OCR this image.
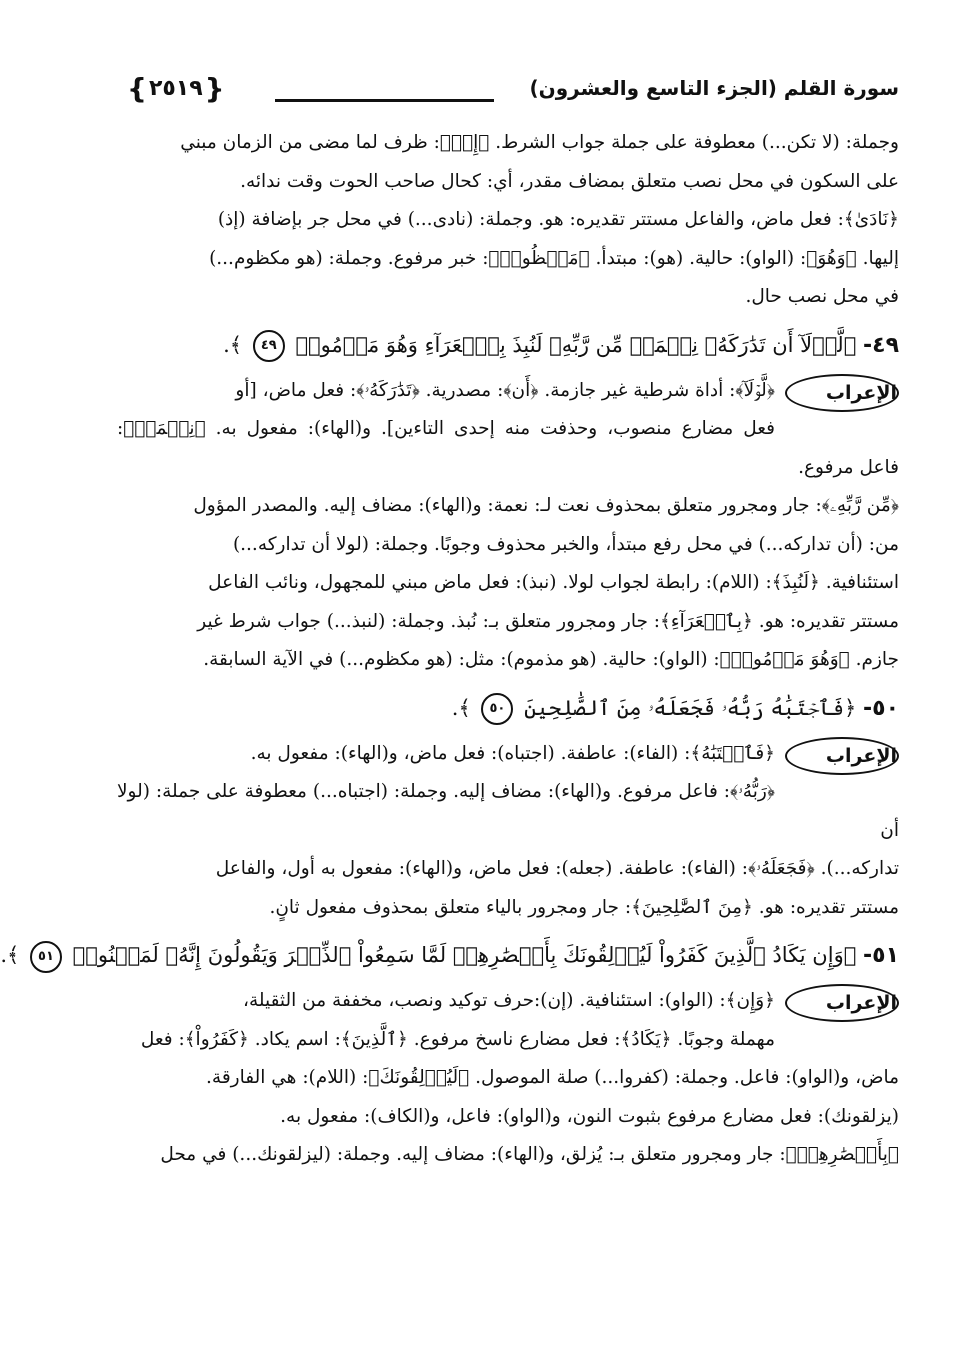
سورة القلم (الجزء التاسع والعشرون)
{
٢٥١٩
}
وجملة: (لا تكن...) معطوفة على جملة جواب الشرط. ﴿إِذۡ﴾: ظرف لما مضى من الزمان مبني
على السكون في محل نصب متعلق بمضاف مقدر، أي: كحال صاحب الحوت وقت ندائه.
﴿نَادَىٰ﴾: فعل ماض، والفاعل مستتر تقديره: هو. وجملة: (نادى...) في محل جر بإضافة (إذ)
إليها. ﴿وَهُوَ﴾: (الواو): حالية. (هو): مبتدأ. ﴿مَكۡظُومٞ﴾: خبر مرفوع. وجملة: (هو مكظوم...)
في محل نصب حال.
٤٩- ﴿لَّوۡلَآ أَن تَدَٰرَكَهُۥ نِعۡمَةٞ مِّن رَّبِّهِۦ لَنُبِذَ بِٱلۡعَرَآءِ وَهُوَ مَذۡمُومٞ ٤٩ ﴾.
الإعراب
﴿لَّوۡلَآ﴾: أداة شرطية غير جازمة. ﴿أَن﴾: مصدرية. ﴿تَدَٰرَكَهُۥ﴾: فعل ماض، [أو
فعل مضارع منصوب، وحذفت منه إحدى التاءين]. و(الهاء): مفعول به. ﴿نِعۡمَةٞ﴾: فاعل مرفوع.
﴿مِّن رَّبِّهِۦ﴾: جار ومجرور متعلق بمحذوف نعت لـ: نعمة: و(الهاء): مضاف إليه. والمصدر المؤول
من: (أن تداركه...) في محل رفع مبتدأ، والخبر محذوف وجوبًا. وجملة: (لولا أن تداركه...)
استئنافية. ﴿لَنُبِذَ﴾: (اللام): رابطة لجواب لولا. (نبذ): فعل ماض مبني للمجهول، ونائب الفاعل
مستتر تقديره: هو. ﴿بِٱلۡعَرَآءِ﴾: جار ومجرور متعلق بـ: نُبذ. وجملة: (لنبذ...) جواب شرط غير
جازم. ﴿وَهُوَ مَذۡمُومٞ﴾: (الواو): حالية. (هو مذموم): مثل: (هو مكظوم...) في الآية السابقة.
٥٠- ﴿فَٱجۡتَبَٰهُ رَبُّهُۥ فَجَعَلَهُۥ مِنَ ٱلصَّٰلِحِينَ ٥٠ ﴾.
الإعراب
﴿فَٱجۡتَبَٰهُ﴾: (الفاء): عاطفة. (اجتباه): فعل ماض، و(الهاء): مفعول به.
﴿رَبُّهُۥ﴾: فاعل مرفوع. و(الهاء): مضاف إليه. وجملة: (اجتباه...) معطوفة على جملة: (لولا أن
تداركه...). ﴿فَجَعَلَهُۥ﴾: (الفاء): عاطفة. (جعله): فعل ماض، و(الهاء): مفعول به أول، والفاعل
مستتر تقديره: هو. ﴿مِنَ ٱلصَّٰلِحِينَ﴾: جار ومجرور بالياء متعلق بمحذوف مفعول ثانٍ.
٥١- ﴿وَإِن يَكَادُ ٱلَّذِينَ كَفَرُواْ لَيُزۡلِقُونَكَ بِأَبۡصَٰرِهِمۡ لَمَّا سَمِعُواْ ٱلذِّكۡرَ وَيَقُولُونَ إِنَّهُۥ لَمَجۡنُونٞ ٥١ ﴾.
الإعراب
﴿وَإِن﴾: (الواو): استئنافية. (إن):حرف توكيد ونصب، مخففة من الثقيلة،
مهملة وجوبًا. ﴿يَكَادُ﴾: فعل مضارع ناسخ مرفوع. ﴿ٱلَّذِينَ﴾: اسم يكاد. ﴿كَفَرُواْ﴾: فعل
ماض، و(الواو): فاعل. وجملة: (كفروا...) صلة الموصول. ﴿لَيُزۡلِقُونَكَ﴾: (اللام): هي الفارقة.
(يزلقونك): فعل مضارع مرفوع بثبوت النون، و(الواو): فاعل، و(الكاف): مفعول به.
﴿بِأَبۡصَٰرِهِمۡ﴾: جار ومجرور متعلق بـ: يُزلق، و(الهاء): مضاف إليه. وجملة: (ليزلقونك...) في محل
